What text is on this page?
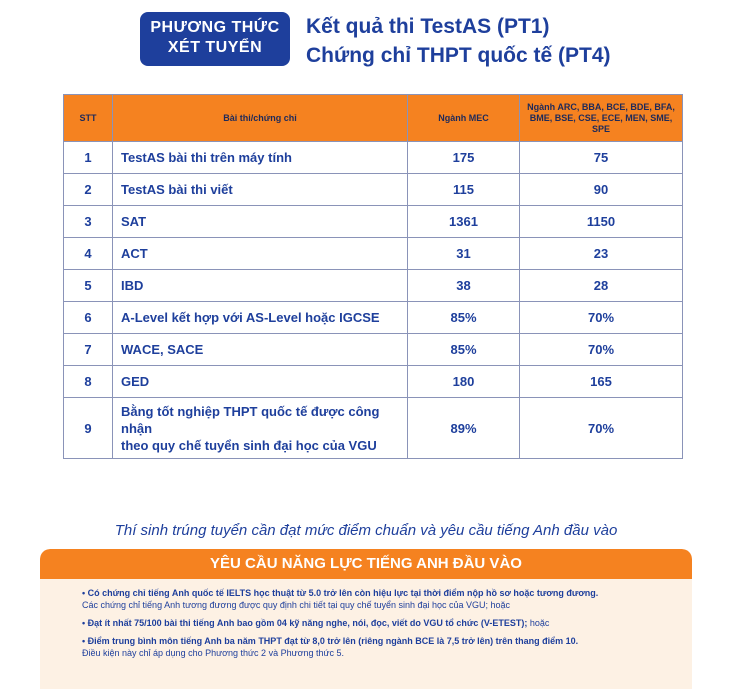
PHƯƠNG THỨC
XÉT TUYỂN
Kết quả thi TestAS (PT1)
Chứng chỉ THPT quốc tế (PT4)
STT	Bài thi/chứng chỉ	Ngành MEC	Ngành ARC, BBA, BCE, BDE, BFA, BME, BSE, CSE, ECE, MEN, SME, SPE
1	TestAS bài thi trên máy tính	175	75
2	TestAS bài thi viết	115	90
3	SAT	1361	1150
4	ACT	31	23
5	IBD	38	28
6	A-Level kết hợp với AS-Level hoặc IGCSE	85%	70%
7	WACE, SACE	85%	70%
8	GED	180	165
9	Bằng tốt nghiệp THPT quốc tế được công nhận
theo quy chế tuyển sinh đại học của VGU	89%	70%
Thí sinh trúng tuyển cần đạt mức điểm chuẩn và yêu cầu tiếng Anh đầu vào
YÊU CẦU NĂNG LỰC TIẾNG ANH ĐẦU VÀO

• Có chứng chỉ tiếng Anh quốc tế IELTS học thuật từ 5.0 trở lên còn hiệu lực tại thời điểm nộp hồ sơ hoặc tương đương.
Các chứng chỉ tiếng Anh tương đương được quy định chi tiết tại quy chế tuyển sinh đại học của VGU; hoặc

• Đạt ít nhất 75/100 bài thi tiếng Anh bao gồm 04 kỹ năng nghe, nói, đọc, viết do VGU tổ chức (V-ETEST); hoặc

• Điểm trung bình môn tiếng Anh ba năm THPT đạt từ 8,0 trở lên (riêng ngành BCE là 7,5 trở lên) trên thang điểm 10.
Điều kiện này chỉ áp dụng cho Phương thức 2 và Phương thức 5.
